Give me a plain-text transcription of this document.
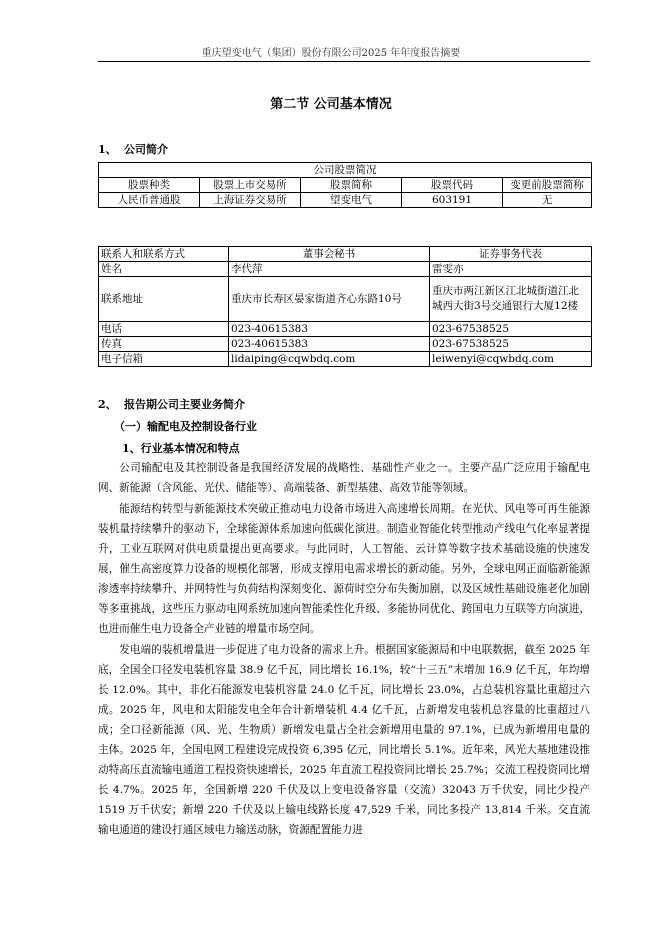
重庆望变电气（集团）股份有限公司2025 年年度报告摘要
第二节 公司基本情况
1、 公司简介
公司股票简况				
股票种类	股票上市交易所	股票简称	股票代码	变更前股票简称
人民币普通股	上海证券交易所	望变电气	603191	无
联系人和联系方式	董事会秘书	证券事务代表
姓名	李代萍	雷雯亦
联系地址	重庆市长寿区晏家街道齐心东路10号	重庆市两江新区江北城街道江北城西大街3号交通银行大厦12楼
电话	023-40615383	023-67538525
传真	023-40615383	023-67538525
电子信箱	lidaiping@cqwbdq.com	leiwenyi@cqwbdq.com
2、 报告期公司主要业务简介
（一）输配电及控制设备行业
1、行业基本情况和特点

公司输配电及其控制设备是我国经济发展的战略性、基础性产业之一。主要产品广泛应用于输配电网、新能源（含风能、光伏、储能等）、高端装备、新型基建、高效节能等领域。

能源结构转型与新能源技术突破正推动电力设备市场进入高速增长周期。在光伏、风电等可再生能源装机量持续攀升的驱动下，全球能源体系加速向低碳化演进。制造业智能化转型推动产线电气化率显著提升，工业互联网对供电质量提出更高要求。与此同时，人工智能、云计算等数字技术基础设施的快速发展，催生高密度算力设备的规模化部署，形成支撑用电需求增长的新动能。另外，全球电网正面临新能源渗透率持续攀升、并网特性与负荷结构深刻变化、源荷时空分布失衡加剧，以及区域性基础设施老化加剧等多重挑战，这些压力驱动电网系统加速向智能柔性化升级、多能协同优化、跨国电力互联等方向演进，也进而催生电力设备全产业链的增量市场空间。

发电端的装机增量进一步促进了电力设备的需求上升。根据国家能源局和中电联数据，截至 2025 年底，全国全口径发电装机容量 38.9 亿千瓦，同比增长 16.1%，较“十三五”末增加 16.9 亿千瓦，年均增长 12.0%。其中，非化石能源发电装机容量 24.0 亿千瓦，同比增长 23.0%，占总装机容量比重超过六成。2025 年，风电和太阳能发电全年合计新增装机 4.4 亿千瓦，占新增发电装机总容量的比重超过八成；全口径新能源（风、光、生物质）新增发电量占全社会新增用电量的 97.1%，已成为新增用电量的主体。2025 年，全国电网工程建设完成投资 6,395 亿元，同比增长 5.1%。近年来，风光大基地建设推动特高压直流输电通道工程投资快速增长，2025 年直流工程投资同比增长 25.7%；交流工程投资同比增长 4.7%。2025 年，全国新增 220 千伏及以上变电设备容量（交流）32043 万千伏安，同比少投产 1519 万千伏安；新增 220 千伏及以上输电线路长度 47,529 千米，同比多投产 13,814 千米。交直流输电通道的建设打通区域电力输送动脉，资源配置能力进
